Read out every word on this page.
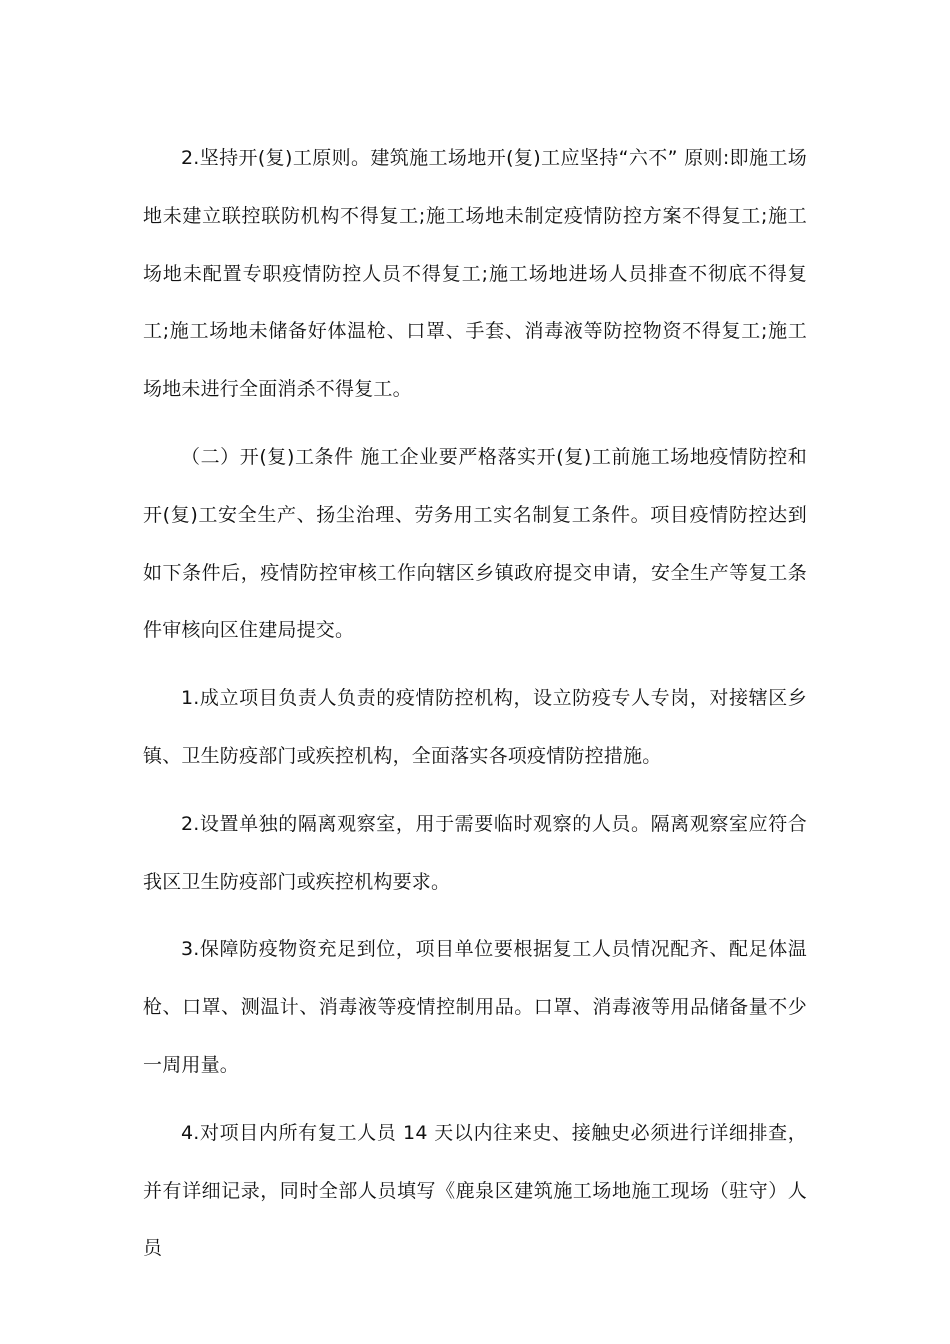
2.坚持开(复)工原则。建筑施工场地开(复)工应坚持“六不” 原则:即施工场地未建立联控联防机构不得复工;施工场地未制定疫情防控方案不得复工;施工场地未配置专职疫情防控人员不得复工;施工场地进场人员排查不彻底不得复工;施工场地未储备好体温枪、口罩、手套、消毒液等防控物资不得复工;施工场地未进行全面消杀不得复工。

（二）开(复)工条件 施工企业要严格落实开(复)工前施工场地疫情防控和开(复)工安全生产、扬尘治理、劳务用工实名制复工条件。项目疫情防控达到如下条件后，疫情防控审核工作向辖区乡镇政府提交申请，安全生产等复工条件审核向区住建局提交。

1.成立项目负责人负责的疫情防控机构，设立防疫专人专岗，对接辖区乡镇、卫生防疫部门或疾控机构，全面落实各项疫情防控措施。

2.设置单独的隔离观察室，用于需要临时观察的人员。隔离观察室应符合我区卫生防疫部门或疾控机构要求。

3.保障防疫物资充足到位，项目单位要根据复工人员情况配齐、配足体温枪、口罩、测温计、消毒液等疫情控制用品。口罩、消毒液等用品储备量不少一周用量。

4.对项目内所有复工人员 14 天以内往来史、接触史必须进行详细排查，并有详细记录，同时全部人员填写《鹿泉区建筑施工场地施工现场（驻守）人员
